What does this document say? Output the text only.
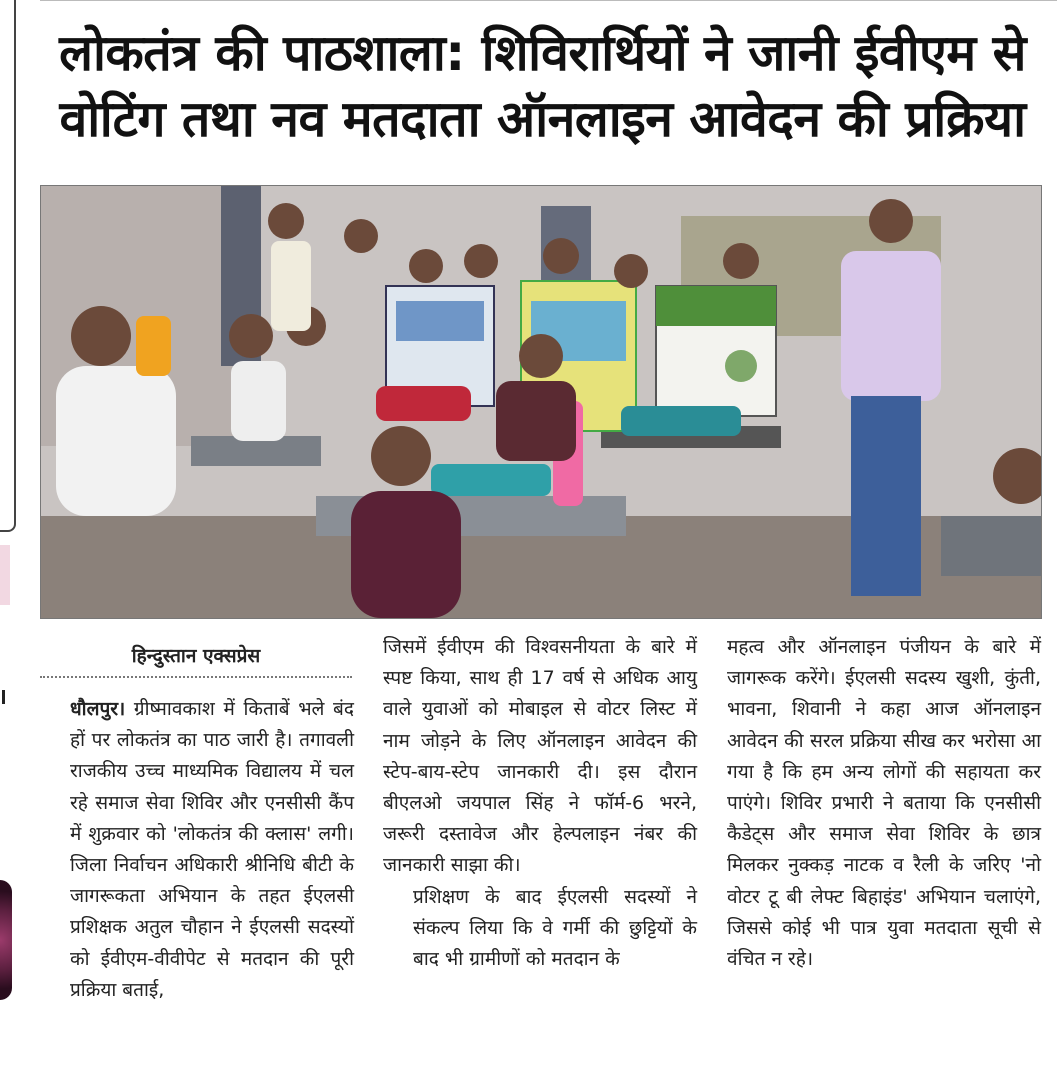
लोकतंत्र की पाठशाला: शिविरार्थियों ने जानी ईवीएम से
वोटिंग तथा नव मतदाता ऑनलाइन आवेदन की प्रक्रिया
हिन्दुस्तान एक्सप्रेस

धौलपुर। ग्रीष्मावकाश में किताबें भले बंद हों पर लोकतंत्र का पाठ जारी है। तगावली राजकीय उच्च माध्यमिक विद्यालय में चल रहे समाज सेवा शिविर और एनसीसी कैंप में शुक्रवार को 'लोकतंत्र की क्लास' लगी। जिला निर्वाचन अधिकारी श्रीनिधि बीटी के जागरूकता अभियान के तहत ईएलसी प्रशिक्षक अतुल चौहान ने ईएलसी सदस्यों को ईवीएम-वीवीपेट से मतदान की पूरी प्रक्रिया बताई,

जिसमें ईवीएम की विश्वसनीयता के बारे में स्पष्ट किया, साथ ही 17 वर्ष से अधिक आयु वाले युवाओं को मोबाइल से वोटर लिस्ट में नाम जोड़ने के लिए ऑनलाइन आवेदन की स्टेप-बाय-स्टेप जानकारी दी। इस दौरान बीएलओ जयपाल सिंह ने फॉर्म-6 भरने, जरूरी दस्तावेज और हेल्पलाइन नंबर की जानकारी साझा की।

प्रशिक्षण के बाद ईएलसी सदस्यों ने संकल्प लिया कि वे गर्मी की छुट्टियों के बाद भी ग्रामीणों को मतदान के

महत्व और ऑनलाइन पंजीयन के बारे में जागरूक करेंगे। ईएलसी सदस्य खुशी, कुंती, भावना, शिवानी ने कहा आज ऑनलाइन आवेदन की सरल प्रक्रिया सीख कर भरोसा आ गया है कि हम अन्य लोगों की सहायता कर पाएंगे। शिविर प्रभारी ने बताया कि एनसीसी कैडेट्स और समाज सेवा शिविर के छात्र मिलकर नुक्कड़ नाटक व रैली के जरिए 'नो वोटर टू बी लेफ्ट बिहाइंड' अभियान चलाएंगे, जिससे कोई भी पात्र युवा मतदाता सूची से वंचित न रहे।
